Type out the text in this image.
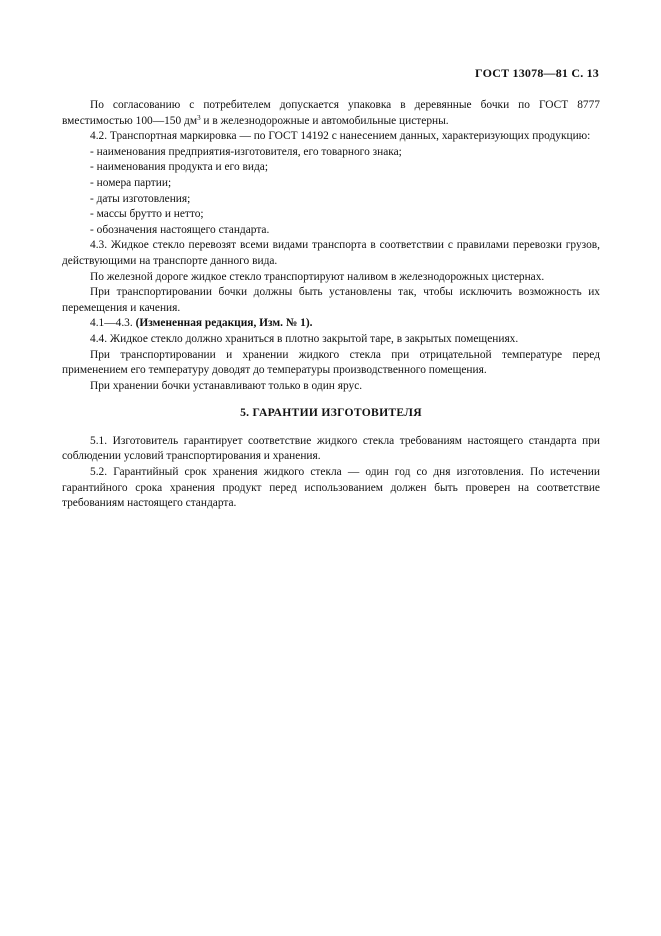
ГОСТ 13078—81 С. 13

По согласованию с потребителем допускается упаковка в деревянные бочки по ГОСТ 8777 вместимостью 100—150 $дм^3$ и в железнодорожные и автомобильные цистерны.

4.2. Транспортная маркировка — по ГОСТ 14192 с нанесением данных, характеризующих продукцию:

- наименования предприятия-изготовителя, его товарного знака;

- наименования продукта и его вида;

- номера партии;

- даты изготовления;

- массы брутто и нетто;

- обозначения настоящего стандарта.

4.3. Жидкое стекло перевозят всеми видами транспорта в соответствии с правилами перевозки грузов, действующими на транспорте данного вида.

По железной дороге жидкое стекло транспортируют наливом в железнодорожных цистернах.

При транспортировании бочки должны быть установлены так, чтобы исключить возможность их перемещения и качения.

4.1—4.3. (Измененная редакция, Изм. № 1).

4.4. Жидкое стекло должно храниться в плотно закрытой таре, в закрытых помещениях.

При транспортировании и хранении жидкого стекла при отрицательной температуре перед применением его температуру доводят до температуры производственного помещения.

При хранении бочки устанавливают только в один ярус.

5. ГАРАНТИИ ИЗГОТОВИТЕЛЯ

5.1. Изготовитель гарантирует соответствие жидкого стекла требованиям настоящего стандарта при соблюдении условий транспортирования и хранения.

5.2. Гарантийный срок хранения жидкого стекла — один год со дня изготовления. По истечении гарантийного срока хранения продукт перед использованием должен быть проверен на соответствие требованиям настоящего стандарта.
